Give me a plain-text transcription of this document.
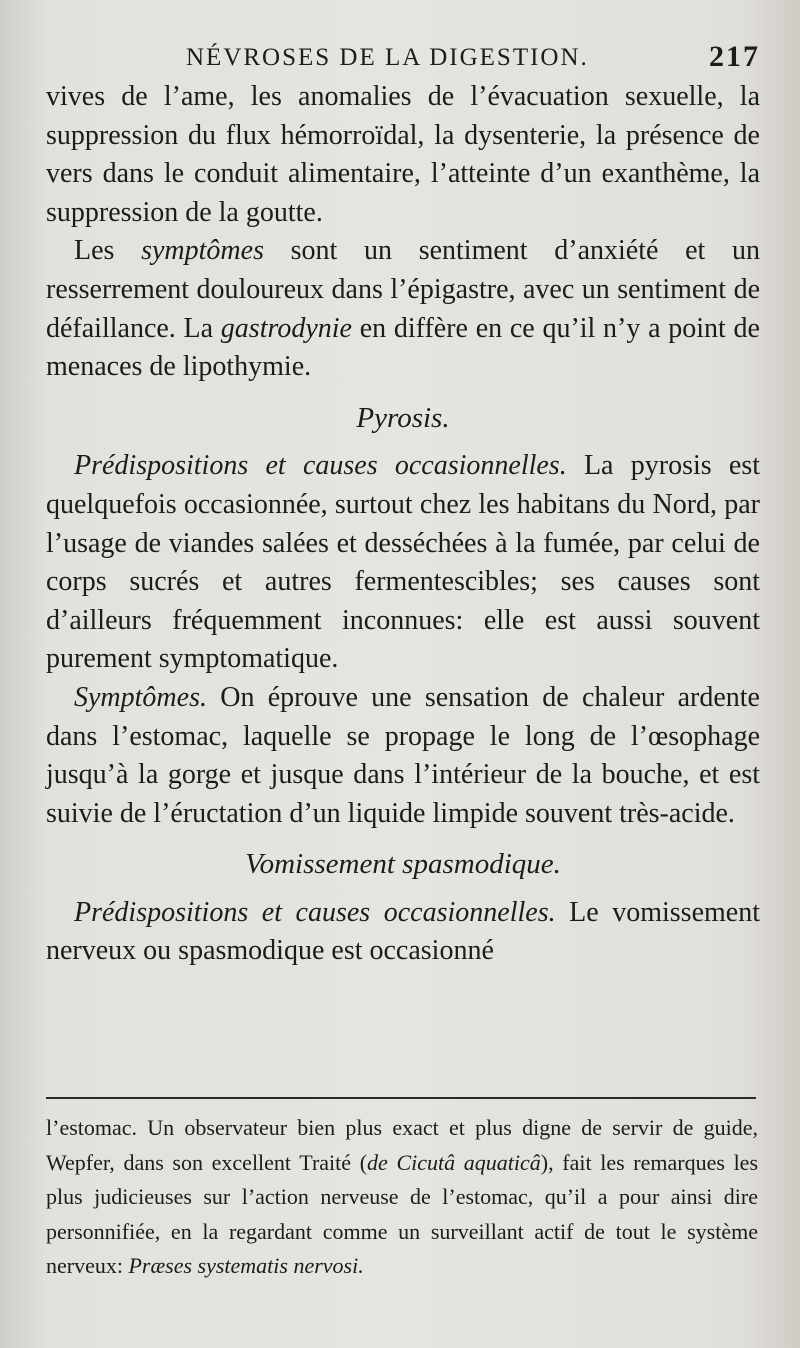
NÉVROSES DE LA DIGESTION.	217

vives de l’ame, les anomalies de l’évacuation sexuelle, la suppression du flux hémorroïdal, la dysenterie, la présence de vers dans le conduit alimentaire, l’atteinte d’un exanthème, la suppression de la goutte.

Les symptômes sont un sentiment d’anxiété et un resserrement douloureux dans l’épigastre, avec un sentiment de défaillance. La gastrodynie en diffère en ce qu’il n’y a point de menaces de lipothymie.

Pyrosis.

Prédispositions et causes occasionnelles. La pyrosis est quelquefois occasionnée, surtout chez les habitans du Nord, par l’usage de viandes salées et desséchées à la fumée, par celui de corps sucrés et autres fermentescibles; ses causes sont d’ailleurs fréquemment inconnues: elle est aussi souvent purement symptomatique.

Symptômes. On éprouve une sensation de chaleur ardente dans l’estomac, laquelle se propage le long de l’œsophage jusqu’à la gorge et jusque dans l’intérieur de la bouche, et est suivie de l’éructation d’un liquide limpide souvent très-acide.

Vomissement spasmodique.

Prédispositions et causes occasionnelles. Le vomissement nerveux ou spasmodique est occasionné

l’estomac. Un observateur bien plus exact et plus digne de servir de guide, Wepfer, dans son excellent Traité (de Cicutâ aquaticâ), fait les remarques les plus judicieuses sur l’action nerveuse de l’estomac, qu’il a pour ainsi dire personnifiée, en la regardant comme un surveillant actif de tout le système nerveux: Præses systematis nervosi.
